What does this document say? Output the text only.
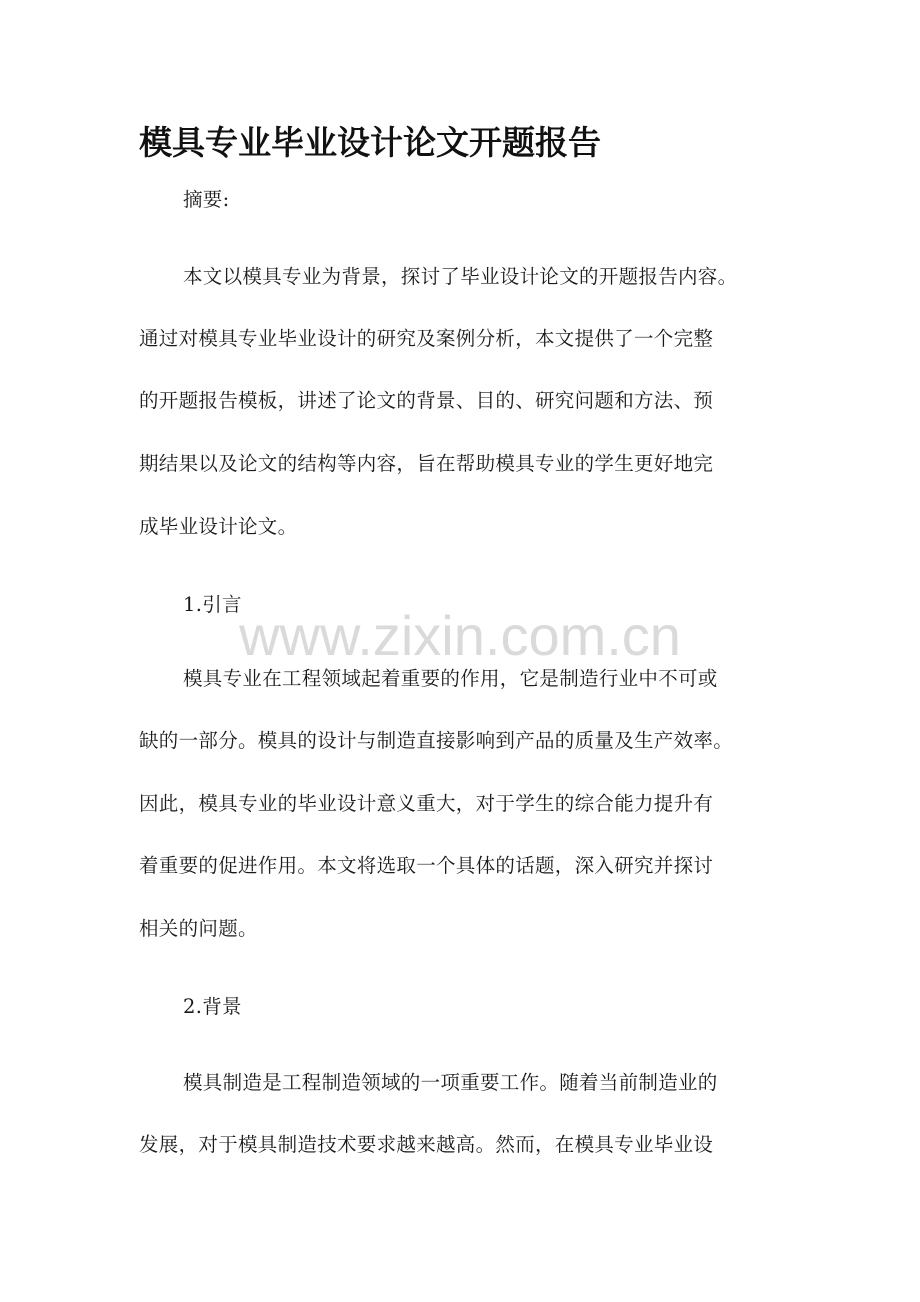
模具专业毕业设计论文开题报告

摘要:

本文以模具专业为背景，探讨了毕业设计论文的开题报告内容。

通过对模具专业毕业设计的研究及案例分析，本文提供了一个完整

的开题报告模板，讲述了论文的背景、目的、研究问题和方法、预

期结果以及论文的结构等内容，旨在帮助模具专业的学生更好地完

成毕业设计论文。

1.引言

www.zixin.com.cn

模具专业在工程领域起着重要的作用，它是制造行业中不可或

缺的一部分。模具的设计与制造直接影响到产品的质量及生产效率。

因此，模具专业的毕业设计意义重大，对于学生的综合能力提升有

着重要的促进作用。本文将选取一个具体的话题，深入研究并探讨

相关的问题。

2.背景

模具制造是工程制造领域的一项重要工作。随着当前制造业的

发展，对于模具制造技术要求越来越高。然而，在模具专业毕业设
